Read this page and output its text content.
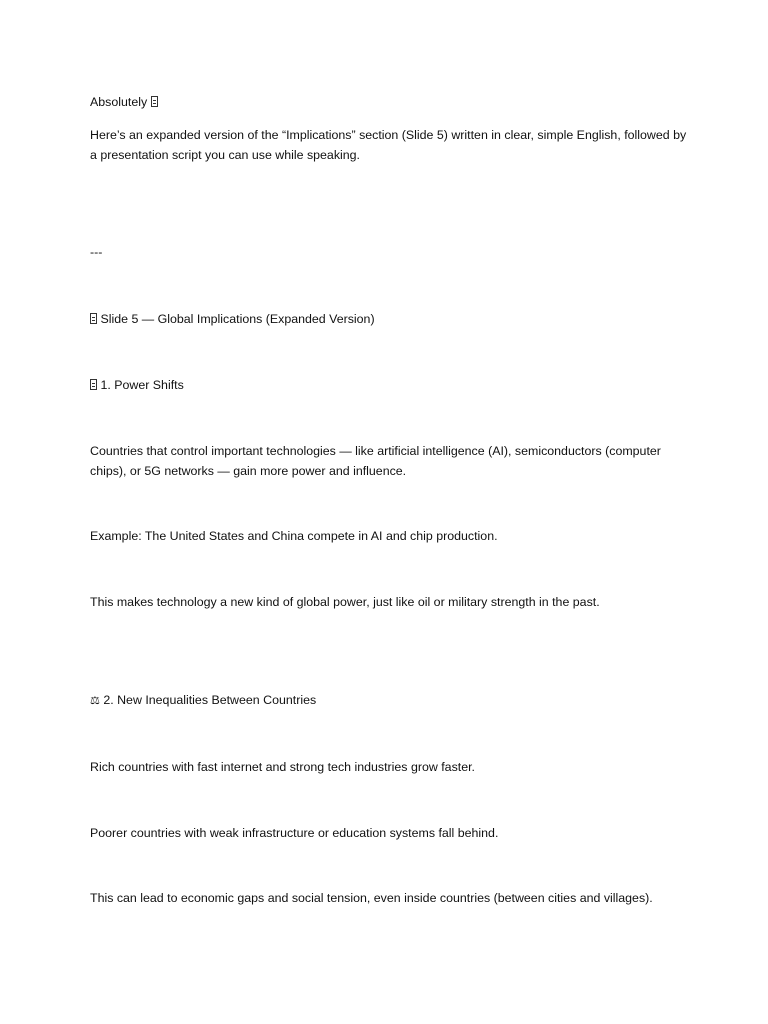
Absolutely

Here’s an expanded version of the “Implications” section (Slide 5) written in clear, simple English, followed by a presentation script you can use while speaking.

---

Slide 5 — Global Implications (Expanded Version)

1. Power Shifts

Countries that control important technologies — like artificial intelligence (AI), semiconductors (computer chips), or 5G networks — gain more power and influence.

Example: The United States and China compete in AI and chip production.

This makes technology a new kind of global power, just like oil or military strength in the past.

⚖ 2. New Inequalities Between Countries

Rich countries with fast internet and strong tech industries grow faster.

Poorer countries with weak infrastructure or education systems fall behind.

This can lead to economic gaps and social tension, even inside countries (between cities and villages).
